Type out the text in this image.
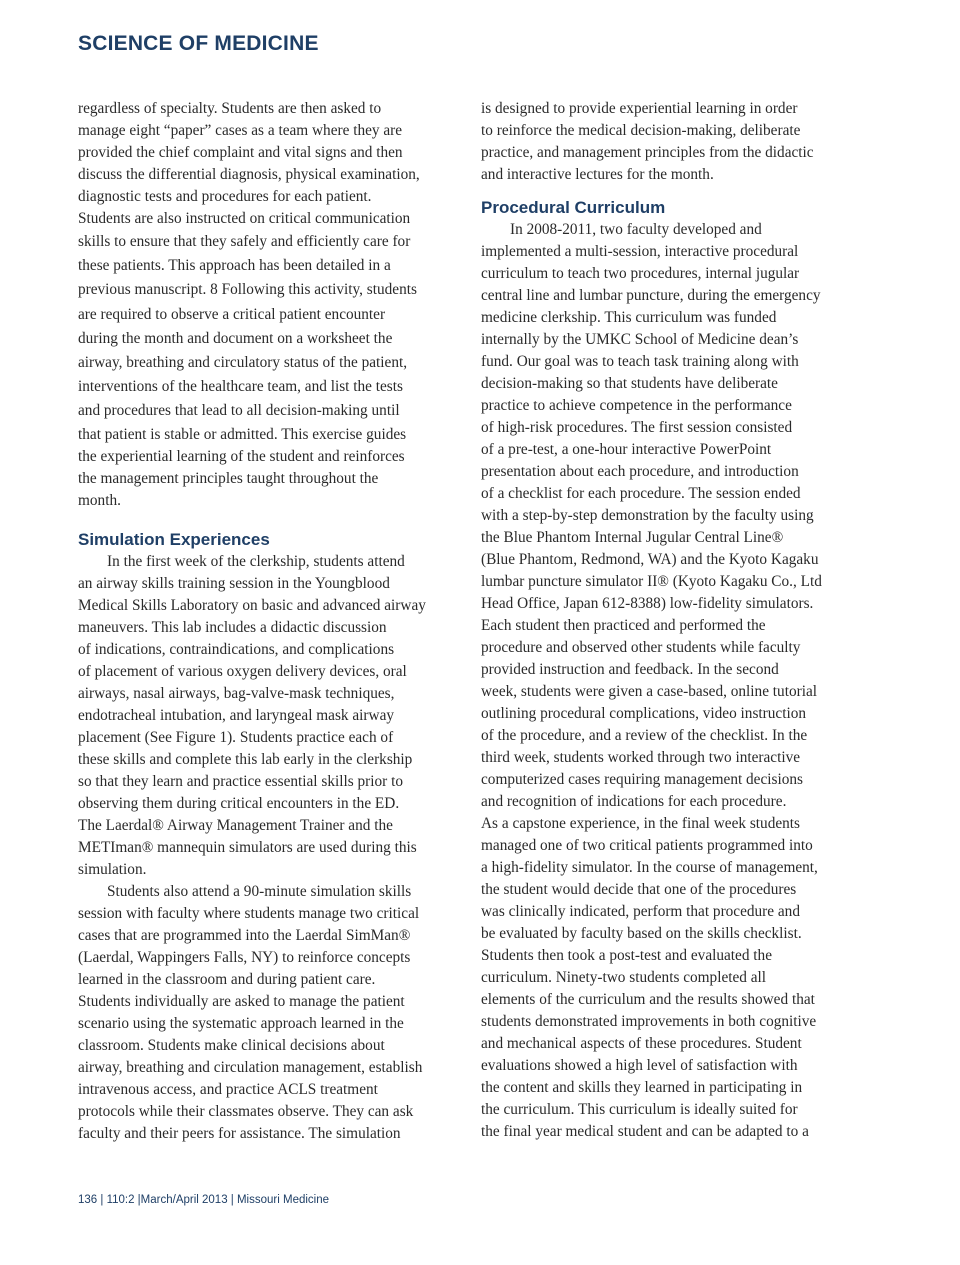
SCIENCE OF MEDICINE
regardless of specialty. Students are then asked to
manage eight “paper” cases as a team where they are
provided the chief complaint and vital signs and then
discuss the differential diagnosis, physical examination,
diagnostic tests and procedures for each patient.
Students are also instructed on critical communication
skills to ensure that they safely and efficiently care for
these patients. This approach has been detailed in a
previous manuscript. 8 Following this activity, students
are required to observe a critical patient encounter
during the month and document on a worksheet the
airway, breathing and circulatory status of the patient,
interventions of the healthcare team, and list the tests
and procedures that lead to all decision-making until
that patient is stable or admitted. This exercise guides
the experiential learning of the student and reinforces
the management principles taught throughout the
month.
Simulation Experiences
In the first week of the clerkship, students attend
an airway skills training session in the Youngblood
Medical Skills Laboratory on basic and advanced airway
maneuvers. This lab includes a didactic discussion
of indications, contraindications, and complications
of placement of various oxygen delivery devices, oral
airways, nasal airways, bag-valve-mask techniques,
endotracheal intubation, and laryngeal mask airway
placement (See Figure 1). Students practice each of
these skills and complete this lab early in the clerkship
so that they learn and practice essential skills prior to
observing them during critical encounters in the ED.
The Laerdal® Airway Management Trainer and the
METIman® mannequin simulators are used during this
simulation.
Students also attend a 90-minute simulation skills
session with faculty where students manage two critical
cases that are programmed into the Laerdal SimMan®
(Laerdal, Wappingers Falls, NY) to reinforce concepts
learned in the classroom and during patient care.
Students individually are asked to manage the patient
scenario using the systematic approach learned in the
classroom. Students make clinical decisions about
airway, breathing and circulation management, establish
intravenous access, and practice ACLS treatment
protocols while their classmates observe. They can ask
faculty and their peers for assistance. The simulation
is designed to provide experiential learning in order
to reinforce the medical decision-making, deliberate
practice, and management principles from the didactic
and interactive lectures for the month.
Procedural Curriculum
In 2008-2011, two faculty developed and
implemented a multi-session, interactive procedural
curriculum to teach two procedures, internal jugular
central line and lumbar puncture, during the emergency
medicine clerkship. This curriculum was funded
internally by the UMKC School of Medicine dean’s
fund. Our goal was to teach task training along with
decision-making so that students have deliberate
practice to achieve competence in the performance
of high-risk procedures. The first session consisted
of a pre-test, a one-hour interactive PowerPoint
presentation about each procedure, and introduction
of a checklist for each procedure. The session ended
with a step-by-step demonstration by the faculty using
the Blue Phantom Internal Jugular Central Line®
(Blue Phantom, Redmond, WA) and the Kyoto Kagaku
lumbar puncture simulator II® (Kyoto Kagaku Co., Ltd
Head Office, Japan 612-8388) low-fidelity simulators.
Each student then practiced and performed the
procedure and observed other students while faculty
provided instruction and feedback. In the second
week, students were given a case-based, online tutorial
outlining procedural complications, video instruction
of the procedure, and a review of the checklist. In the
third week, students worked through two interactive
computerized cases requiring management decisions
and recognition of indications for each procedure.
As a capstone experience, in the final week students
managed one of two critical patients programmed into
a high-fidelity simulator. In the course of management,
the student would decide that one of the procedures
was clinically indicated, perform that procedure and
be evaluated by faculty based on the skills checklist.
Students then took a post-test and evaluated the
curriculum. Ninety-two students completed all
elements of the curriculum and the results showed that
students demonstrated improvements in both cognitive
and mechanical aspects of these procedures. Student
evaluations showed a high level of satisfaction with
the content and skills they learned in participating in
the curriculum. This curriculum is ideally suited for
the final year medical student and can be adapted to a
136 | 110:2 |March/April 2013 | Missouri Medicine
